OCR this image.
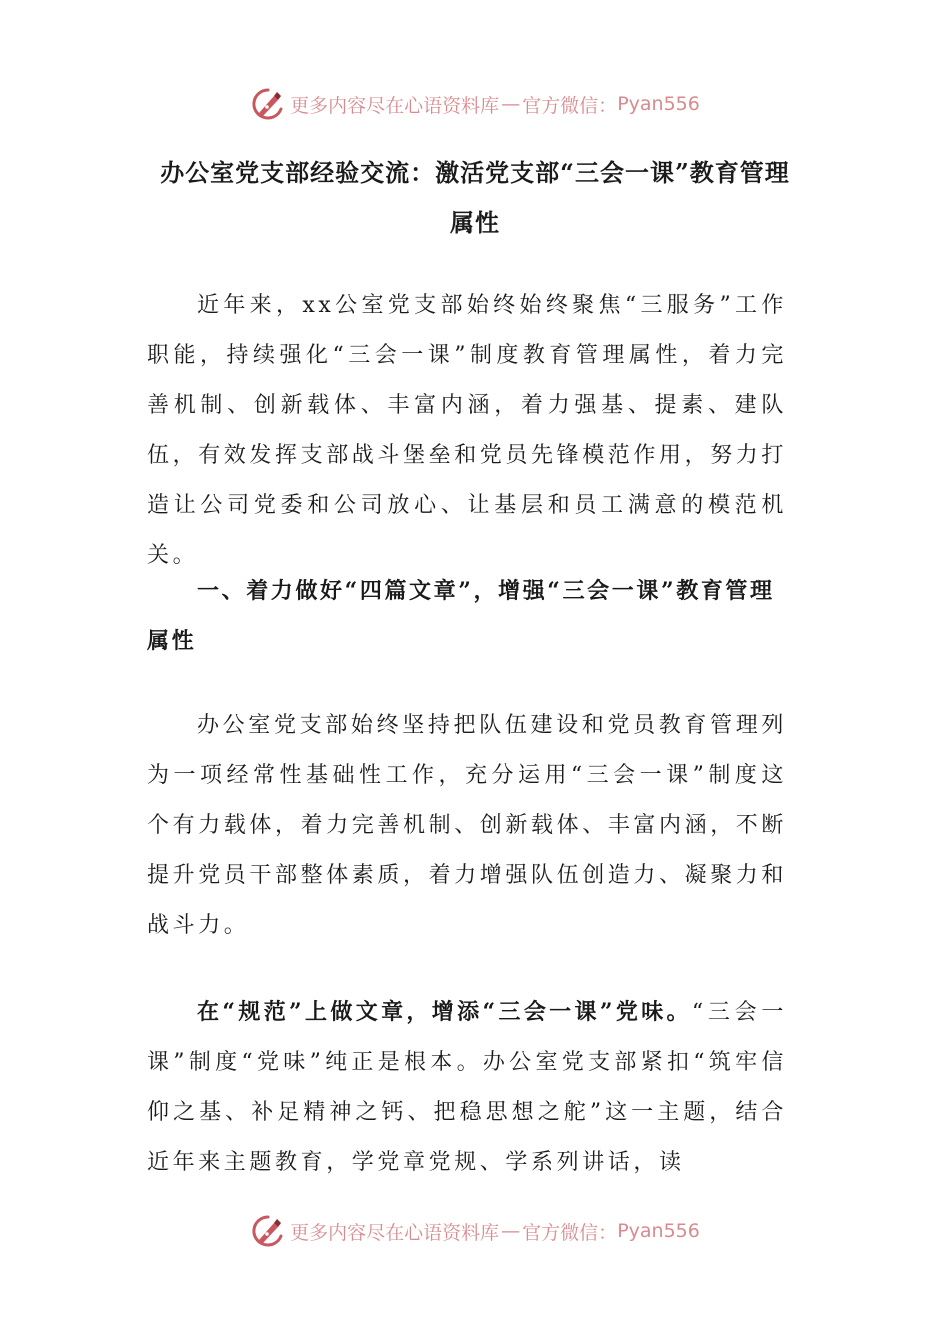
更多内容尽在心语资料库 — 官方微信： Pyan556
办公室党支部经验交流：激活党支部“三会一课”教育管理属性

近年来，xx公室党支部始终始终聚焦“三服务”工作职能，持续强化“三会一课”制度教育管理属性，着力完善机制、创新载体、丰富内涵，着力强基、提素、建队伍，有效发挥支部战斗堡垒和党员先锋模范作用，努力打造让公司党委和公司放心、让基层和员工满意的模范机关。

一、着力做好“四篇文章”，增强“三会一课”教育管理属性

办公室党支部始终坚持把队伍建设和党员教育管理列为一项经常性基础性工作，充分运用“三会一课”制度这个有力载体，着力完善机制、创新载体、丰富内涵，不断提升党员干部整体素质，着力增强队伍创造力、凝聚力和战斗力。

在“规范”上做文章，增添“三会一课”党味。“三会一课”制度“党味”纯正是根本。办公室党支部紧扣“筑牢信仰之基、补足精神之钙、把稳思想之舵”这一主题，结合近年来主题教育，学党章党规、学系列讲话，读

更多内容尽在心语资料库 — 官方微信： Pyan556
